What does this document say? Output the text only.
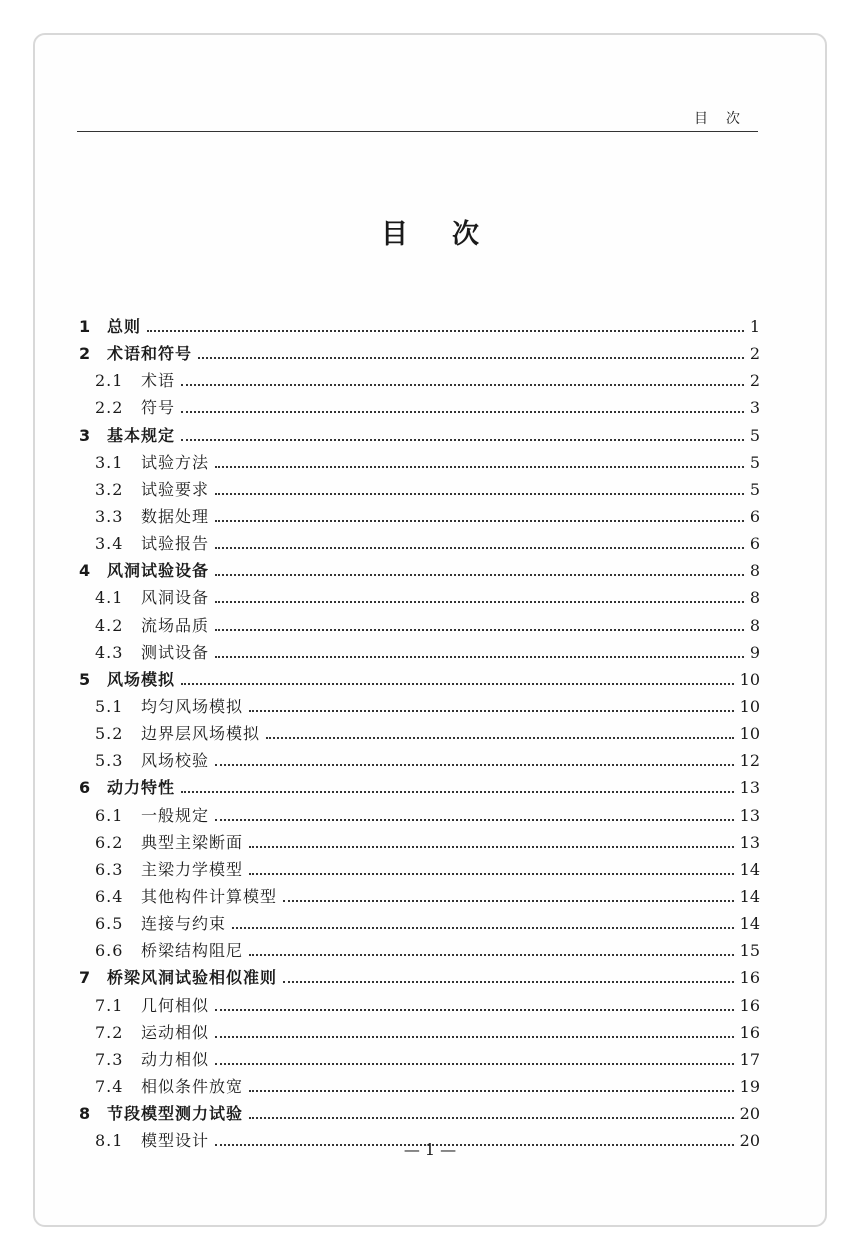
目次
目次
1	总则	1
2	术语和符号	2
2.1	术语	2
2.2	符号	3
3	基本规定	5
3.1	试验方法	5
3.2	试验要求	5
3.3	数据处理	6
3.4	试验报告	6
4	风洞试验设备	8
4.1	风洞设备	8
4.2	流场品质	8
4.3	测试设备	9
5	风场模拟	10
5.1	均匀风场模拟	10
5.2	边界层风场模拟	10
5.3	风场校验	12
6	动力特性	13
6.1	一般规定	13
6.2	典型主梁断面	13
6.3	主梁力学模型	14
6.4	其他构件计算模型	14
6.5	连接与约束	14
6.6	桥梁结构阻尼	15
7	桥梁风洞试验相似准则	16
7.1	几何相似	16
7.2	运动相似	16
7.3	动力相似	17
7.4	相似条件放宽	19
8	节段模型测力试验	20
8.1	模型设计	20
— 1 —
